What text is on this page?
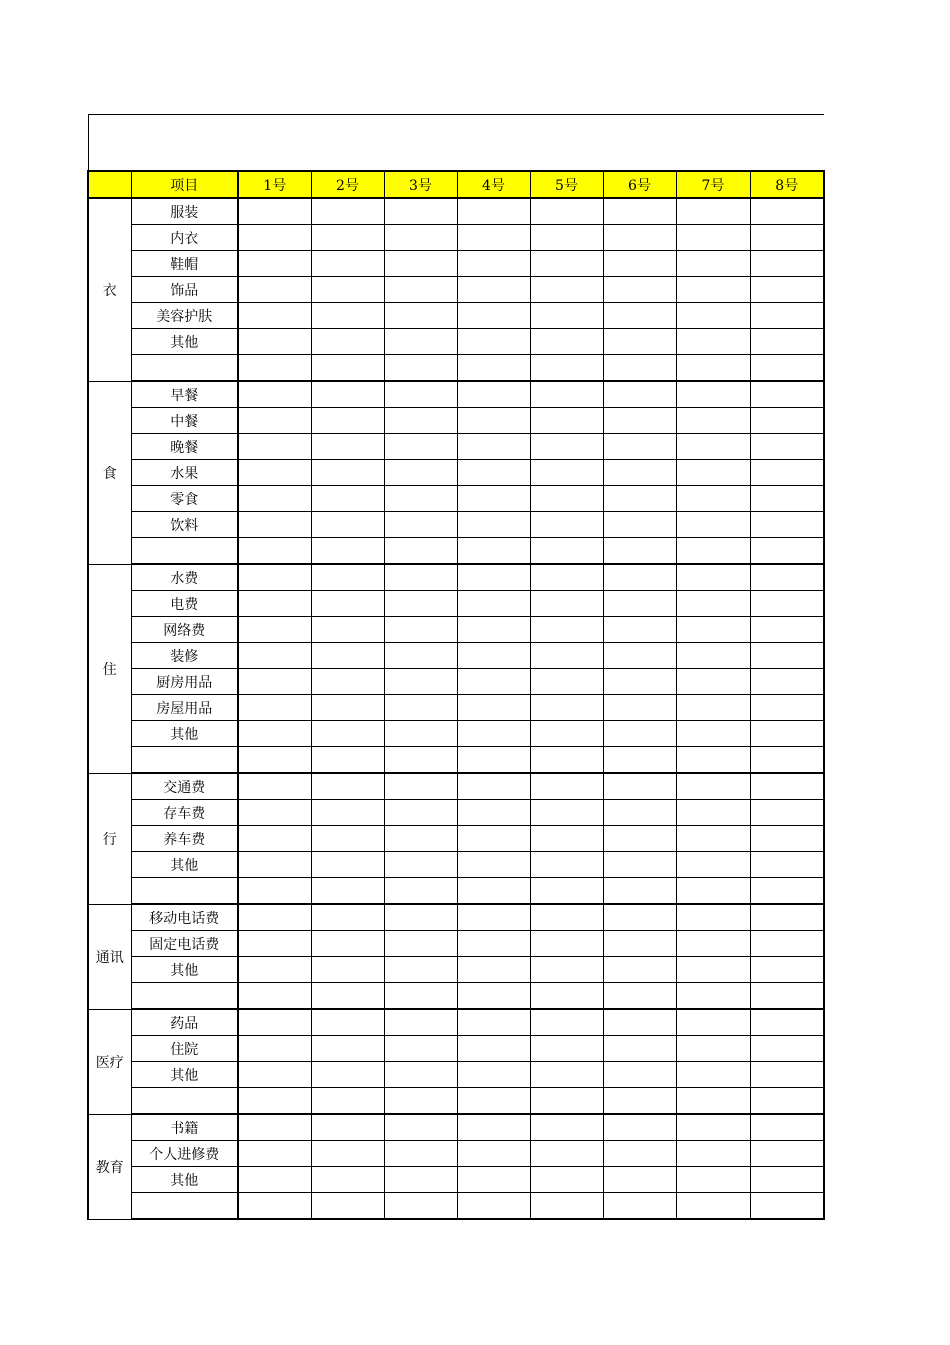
	项目	1号	2号	3号	4号	5号	6号	7号	8号
衣	服装								
	内衣								
	鞋帽								
	饰品								
	美容护肤								
	其他								

食	早餐								
	中餐								
	晚餐								
	水果								
	零食								
	饮料								

住	水费								
	电费								
	网络费								
	装修								
	厨房用品								
	房屋用品								
	其他								

行	交通费								
	存车费								
	养车费								
	其他								

通讯	移动电话费								
	固定电话费								
	其他								

医疗	药品								
	住院								
	其他								

教育	书籍								
	个人进修费								
	其他								
